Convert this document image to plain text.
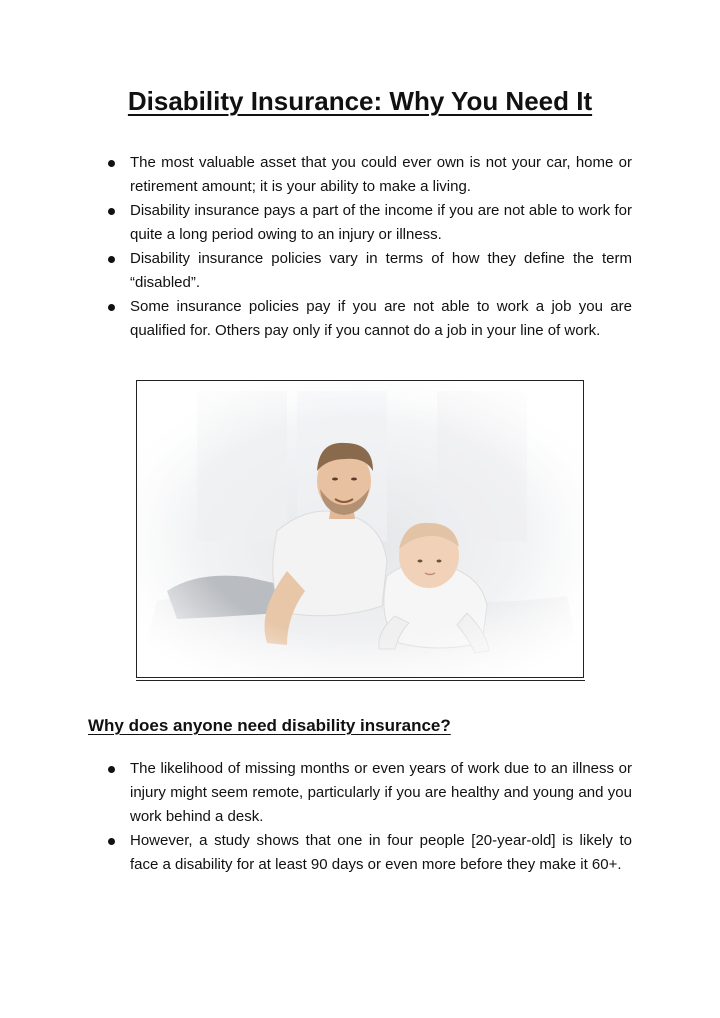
Disability Insurance: Why You Need It
The most valuable asset that you could ever own is not your car, home or retirement amount; it is your ability to make a living.
Disability insurance pays a part of the income if you are not able to work for quite a long period owing to an injury or illness.
Disability insurance policies vary in terms of how they define the term “disabled”.
Some insurance policies pay if you are not able to work a job you are qualified for. Others pay only if you cannot do a job in your line of work.
Why does anyone need disability insurance?
The likelihood of missing months or even years of work due to an illness or injury might seem remote, particularly if you are healthy and young and you work behind a desk.
However, a study shows that one in four people [20-year-old] is likely to face a disability for at least 90 days or even more before they make it 60+.
